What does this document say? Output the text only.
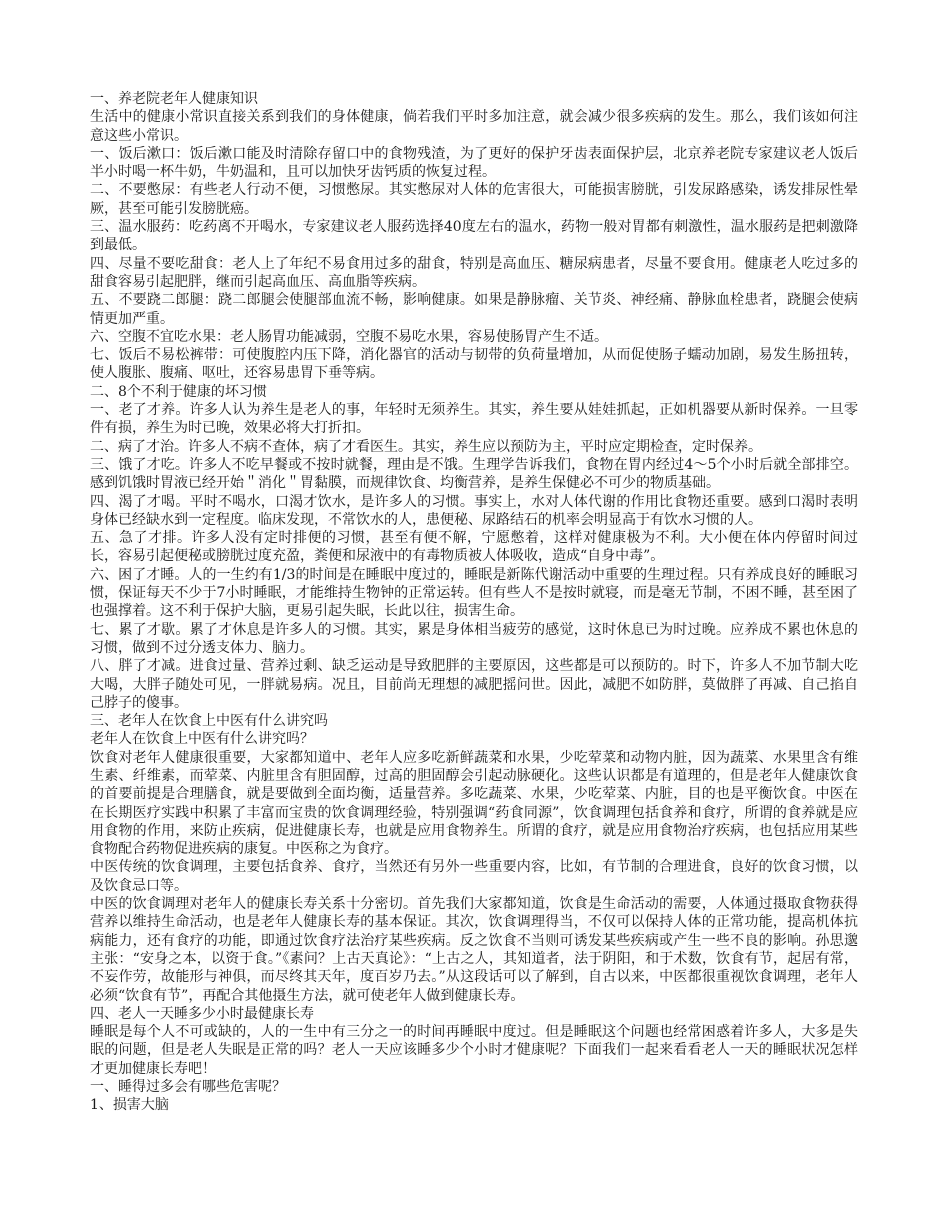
一、养老院老年人健康知识

生活中的健康小常识直接关系到我们的身体健康，倘若我们平时多加注意，就会减少很多疾病的发生。那么，我们该如何注意这些小常识。

一、饭后漱口：饭后漱口能及时清除存留口中的食物残渣，为了更好的保护牙齿表面保护层，北京养老院专家建议老人饭后半小时喝一杯牛奶，牛奶温和，且可以加快牙齿钙质的恢复过程。

二、不要憋尿：有些老人行动不便，习惯憋尿。其实憋尿对人体的危害很大，可能损害膀胱，引发尿路感染，诱发排尿性晕厥，甚至可能引发膀胱癌。

三、温水服药：吃药离不开喝水，专家建议老人服药选择40度左右的温水，药物一般对胃都有刺激性，温水服药是把刺激降到最低。

四、尽量不要吃甜食：老人上了年纪不易食用过多的甜食，特别是高血压、糖尿病患者，尽量不要食用。健康老人吃过多的甜食容易引起肥胖，继而引起高血压、高血脂等疾病。

五、不要跷二郎腿：跷二郎腿会使腿部血流不畅，影响健康。如果是静脉瘤、关节炎、神经痛、静脉血栓患者，跷腿会使病情更加严重。

六、空腹不宜吃水果：老人肠胃功能减弱，空腹不易吃水果，容易使肠胃产生不适。

七、饭后不易松裤带：可使腹腔内压下降，消化器官的活动与韧带的负荷量增加，从而促使肠子蠕动加剧，易发生肠扭转，使人腹胀、腹痛、呕吐，还容易患胃下垂等病。

二、8个不利于健康的坏习惯

一、老了才养。许多人认为养生是老人的事，年轻时无须养生。其实，养生要从娃娃抓起，正如机器要从新时保养。一旦零件有损，养生为时已晚，效果必将大打折扣。

二、病了才治。许多人不病不查体，病了才看医生。其实，养生应以预防为主，平时应定期检查，定时保养。

三、饿了才吃。许多人不吃早餐或不按时就餐，理由是不饿。生理学告诉我们，食物在胃内经过4～5个小时后就全部排空。感到饥饿时胃液已经开始＂消化＂胃黏膜，而规律饮食、均衡营养，是养生保健必不可少的物质基础。

四、渴了才喝。平时不喝水，口渴才饮水，是许多人的习惯。事实上，水对人体代谢的作用比食物还重要。感到口渴时表明身体已经缺水到一定程度。临床发现，不常饮水的人，患便秘、尿路结石的机率会明显高于有饮水习惯的人。

五、急了才排。许多人没有定时排便的习惯，甚至有便不解，宁愿憋着，这样对健康极为不利。大小便在体内停留时间过长，容易引起便秘或膀胱过度充盈，粪便和尿液中的有毒物质被人体吸收，造成“自身中毒”。

六、困了才睡。人的一生约有1/3的时间是在睡眠中度过的，睡眠是新陈代谢活动中重要的生理过程。只有养成良好的睡眠习惯，保证每天不少于7小时睡眠，才能维持生物钟的正常运转。但有些人不是按时就寝，而是毫无节制，不困不睡，甚至困了也强撑着。这不利于保护大脑，更易引起失眠，长此以往，损害生命。

七、累了才歇。累了才休息是许多人的习惯。其实，累是身体相当疲劳的感觉，这时休息已为时过晚。应养成不累也休息的习惯，做到不过分透支体力、脑力。

八、胖了才减。进食过量、营养过剩、缺乏运动是导致肥胖的主要原因，这些都是可以预防的。时下，许多人不加节制大吃大喝，大胖子随处可见，一胖就易病。况且，目前尚无理想的减肥摇问世。因此，减肥不如防胖，莫做胖了再减、自己掐自己脖子的傻事。

三、老年人在饮食上中医有什么讲究吗

老年人在饮食上中医有什么讲究吗？

饮食对老年人健康很重要，大家都知道中、老年人应多吃新鲜蔬菜和水果，少吃荤菜和动物内脏，因为蔬菜、水果里含有维生素、纤维素，而荤菜、内脏里含有胆固醇，过高的胆固醇会引起动脉硬化。这些认识都是有道理的，但是老年人健康饮食的首要前提是合理膳食，就是要做到全面均衡，适量营养。多吃蔬菜、水果，少吃荤菜、内脏，目的也是平衡饮食。中医在在长期医疗实践中积累了丰富而宝贵的饮食调理经验，特别强调“药食同源”，饮食调理包括食养和食疗，所谓的食养就是应用食物的作用，来防止疾病，促进健康长寿，也就是应用食物养生。所谓的食疗，就是应用食物治疗疾病，也包括应用某些食物配合药物促进疾病的康复。中医称之为食疗。

中医传统的饮食调理，主要包括食养、食疗，当然还有另外一些重要内容，比如，有节制的合理进食，良好的饮食习惯，以及饮食忌口等。

中医的饮食调理对老年人的健康长寿关系十分密切。首先我们大家都知道，饮食是生命活动的需要，人体通过摄取食物获得营养以维持生命活动，也是老年人健康长寿的基本保证。其次，饮食调理得当，不仅可以保持人体的正常功能，提高机体抗病能力，还有食疗的功能，即通过饮食疗法治疗某些疾病。反之饮食不当则可诱发某些疾病或产生一些不良的影响。孙思邈主张：“安身之本，以资于食。”《素问？上古天真论》：“上古之人，其知道者，法于阴阳，和于术数，饮食有节，起居有常，不妄作劳，故能形与神俱，而尽终其天年，度百岁乃去。”从这段话可以了解到，自古以来，中医都很重视饮食调理，老年人必须“饮食有节”，再配合其他摄生方法，就可使老年人做到健康长寿。

四、老人一天睡多少小时最健康长寿

睡眠是每个人不可或缺的，人的一生中有三分之一的时间再睡眠中度过。但是睡眠这个问题也经常困惑着许多人，大多是失眠的问题，但是老人失眠是正常的吗？老人一天应该睡多少个小时才健康呢？下面我们一起来看看老人一天的睡眠状况怎样才更加健康长寿吧！

一、睡得过多会有哪些危害呢？

1、损害大脑
